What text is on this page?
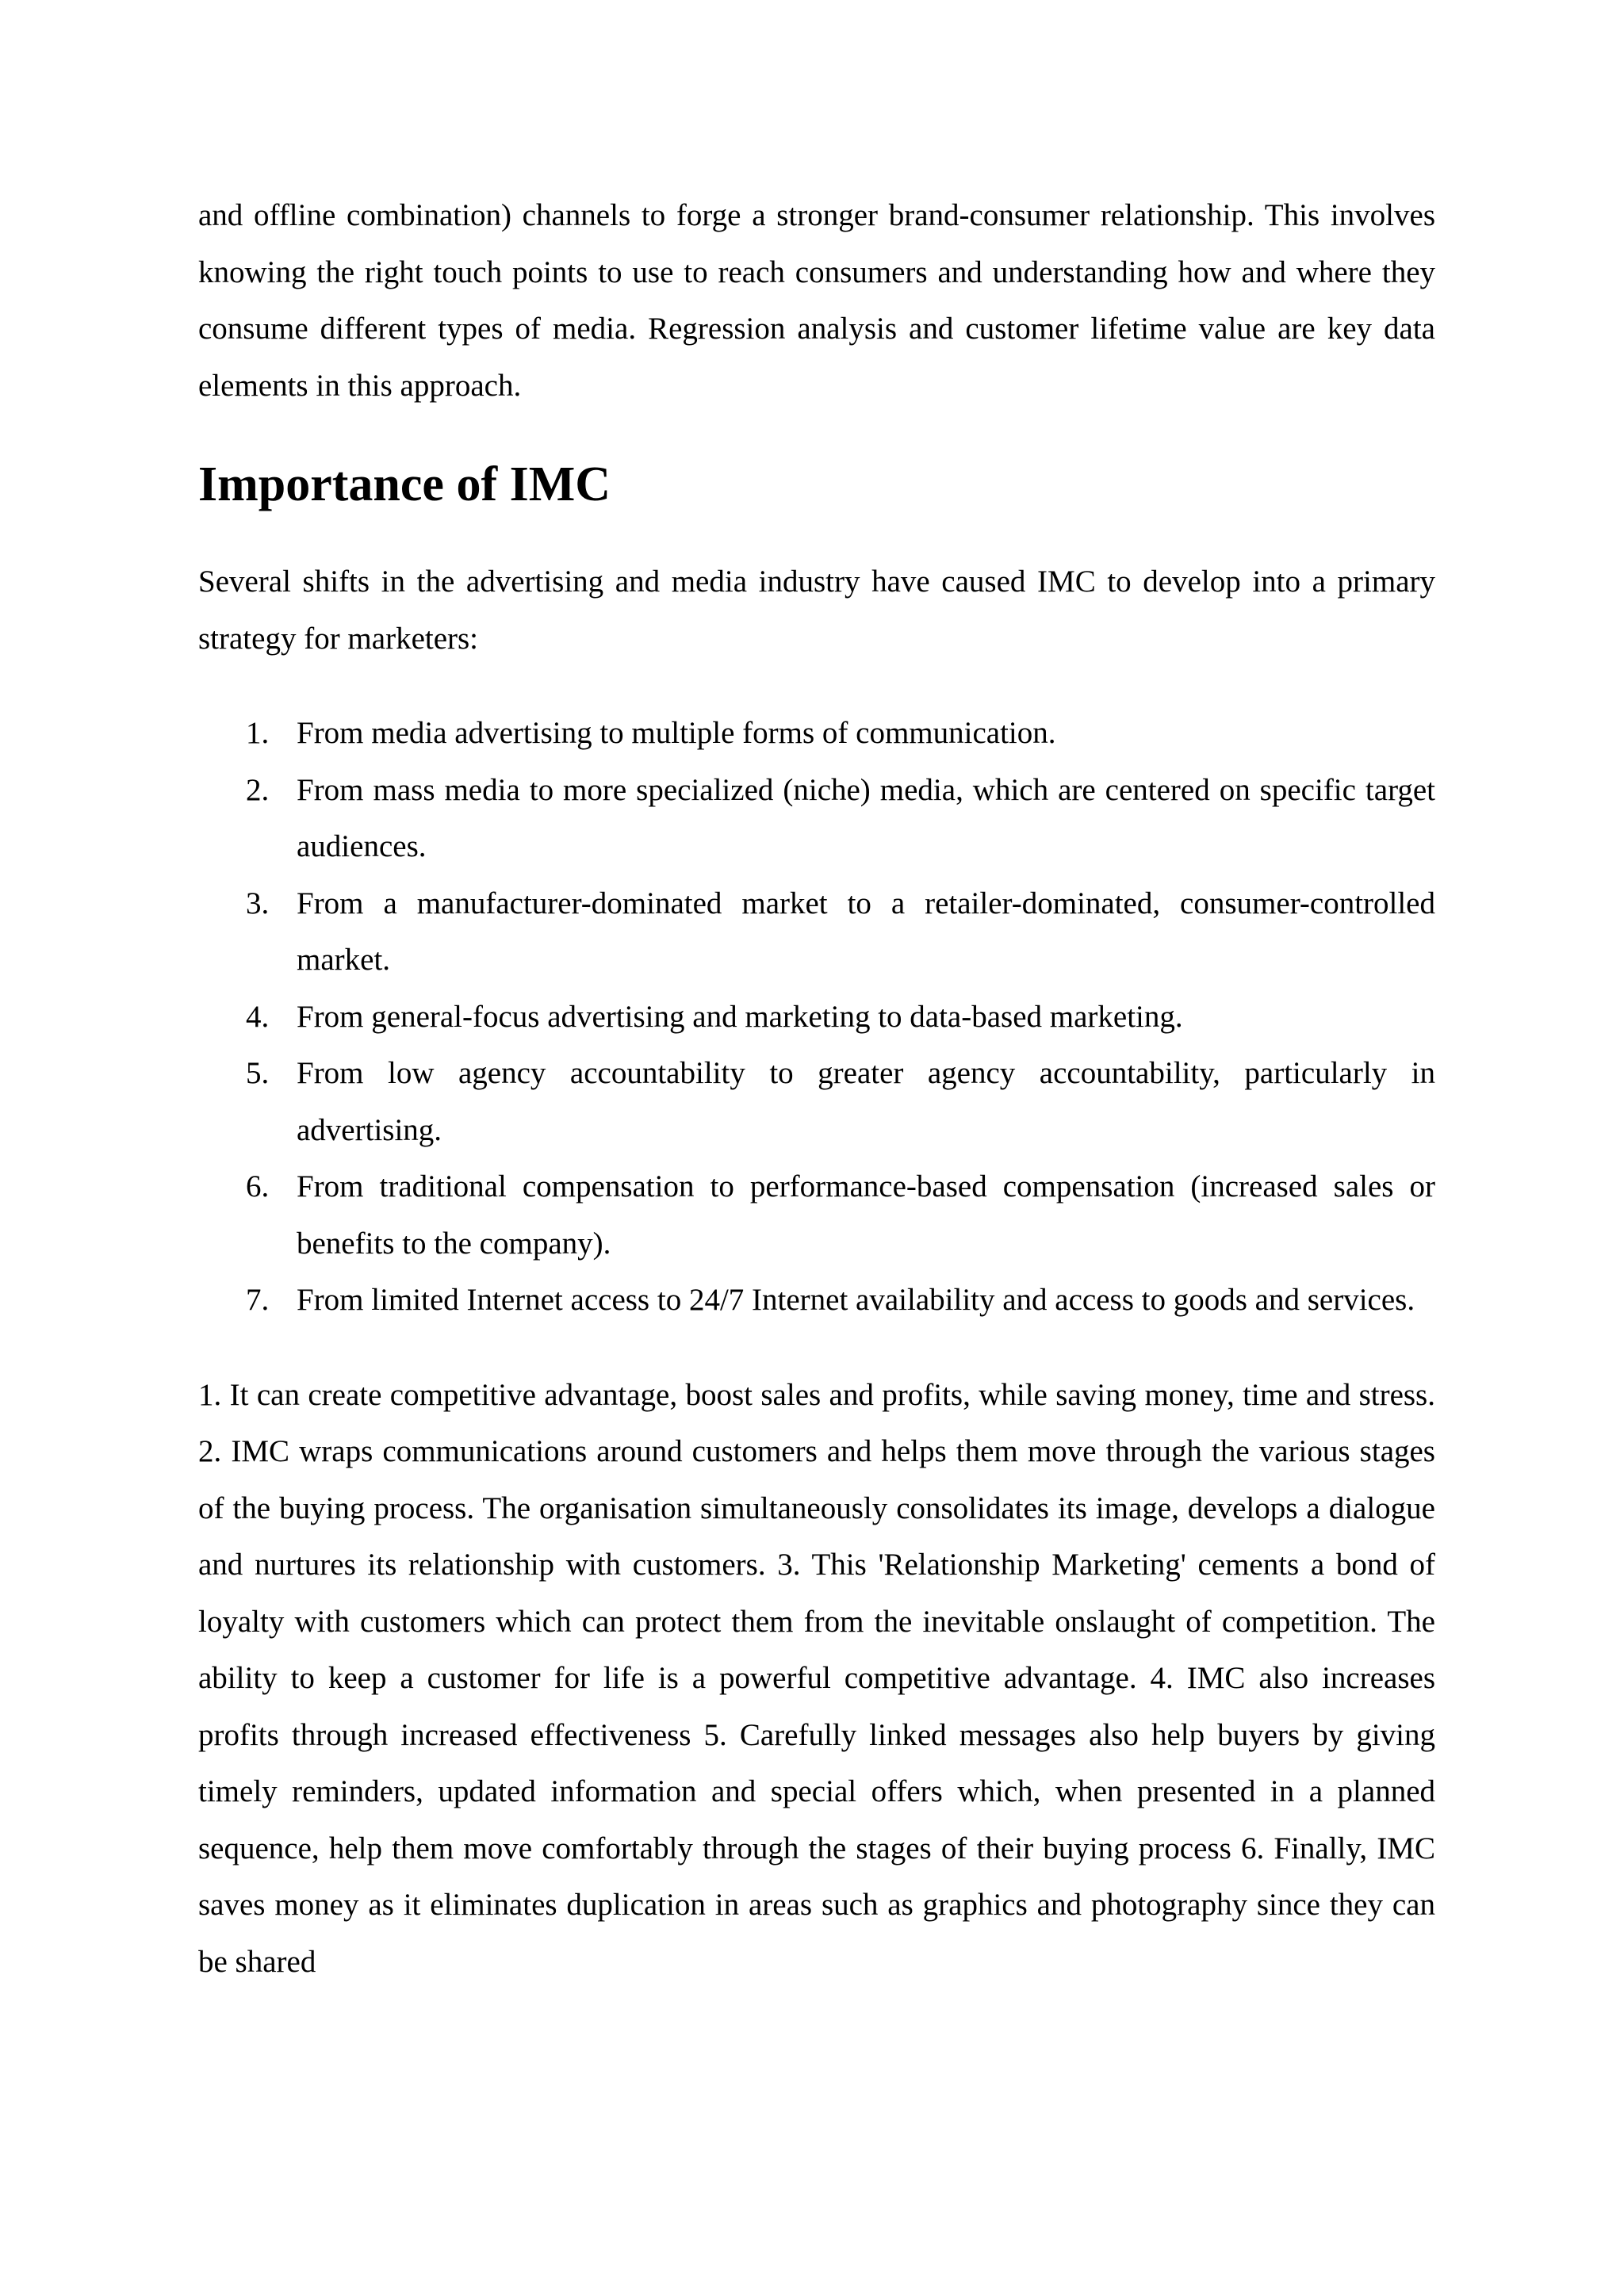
and offline combination) channels to forge a stronger brand-consumer relationship. This involves knowing the right touch points to use to reach consumers and understanding how and where they consume different types of media. Regression analysis and customer lifetime value are key data elements in this approach.

Importance of IMC

Several shifts in the advertising and media industry have caused IMC to develop into a primary strategy for marketers:

1. From media advertising to multiple forms of communication.
2. From mass media to more specialized (niche) media, which are centered on specific target audiences.
3. From a manufacturer-dominated market to a retailer-dominated, consumer-controlled market.
4. From general-focus advertising and marketing to data-based marketing.
5. From low agency accountability to greater agency accountability, particularly in advertising.
6. From traditional compensation to performance-based compensation (increased sales or benefits to the company).
7. From limited Internet access to 24/7 Internet availability and access to goods and services.

1. It can create competitive advantage, boost sales and profits, while saving money, time and stress. 2. IMC wraps communications around customers and helps them move through the various stages of the buying process. The organisation simultaneously consolidates its image, develops a dialogue and nurtures its relationship with customers. 3. This 'Relationship Marketing' cements a bond of loyalty with customers which can protect them from the inevitable onslaught of competition. The ability to keep a customer for life is a powerful competitive advantage. 4. IMC also increases profits through increased effectiveness 5. Carefully linked messages also help buyers by giving timely reminders, updated information and special offers which, when presented in a planned sequence, help them move comfortably through the stages of their buying process 6. Finally, IMC saves money as it eliminates duplication in areas such as graphics and photography since they can be shared
